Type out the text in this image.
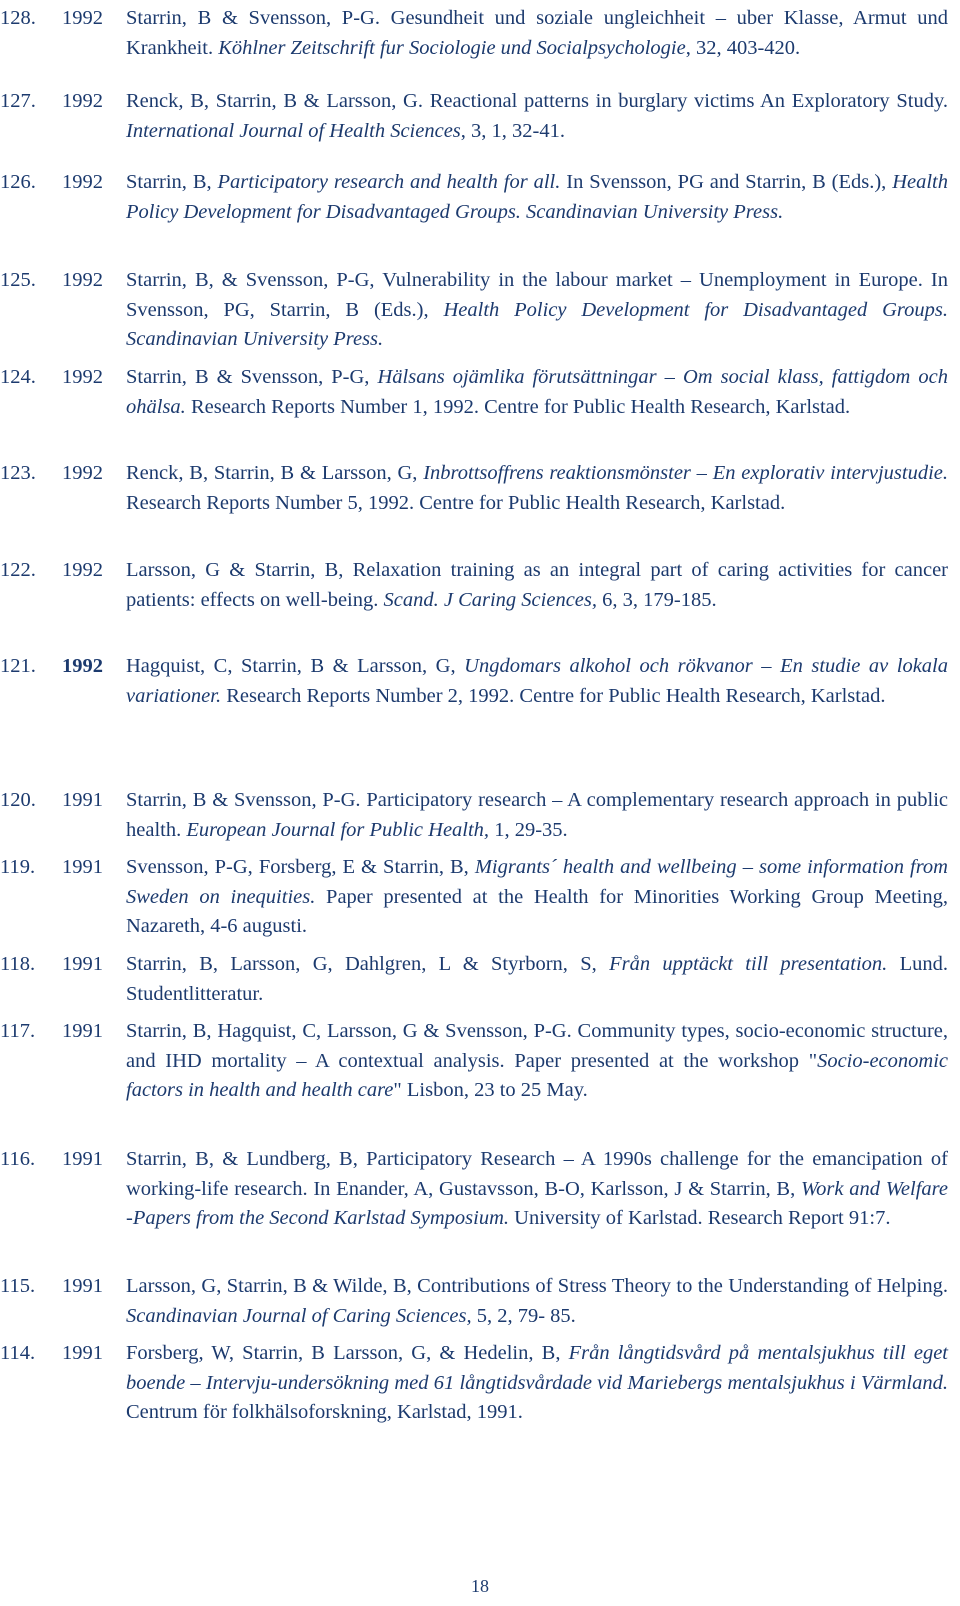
128. 1992 Starrin, B & Svensson, P-G. Gesundheit und soziale ungleichheit – uber Klasse, Armut und Krankheit. Köhlner Zeitschrift fur Sociologie und Socialpsychologie, 32, 403-420.
127. 1992 Renck, B, Starrin, B & Larsson, G. Reactional patterns in burglary victims An Exploratory Study. International Journal of Health Sciences, 3, 1, 32-41.
126. 1992 Starrin, B, Participatory research and health for all. In Svensson, PG and Starrin, B (Eds.), Health Policy Development for Disadvantaged Groups. Scandinavian University Press.
125. 1992 Starrin, B, & Svensson, P-G, Vulnerability in the labour market – Unemployment in Europe. In Svensson, PG, Starrin, B (Eds.), Health Policy Development for Disadvantaged Groups. Scandinavian University Press.
124. 1992 Starrin, B & Svensson, P-G, Hälsans ojämlika förutsättningar – Om social klass, fattigdom och ohälsa. Research Reports Number 1, 1992. Centre for Public Health Research, Karlstad.
123. 1992 Renck, B, Starrin, B & Larsson, G, Inbrottsoffrens reaktionsmönster – En explorativ intervjustudie. Research Reports Number 5, 1992. Centre for Public Health Research, Karlstad.
122. 1992 Larsson, G & Starrin, B, Relaxation training as an integral part of caring activities for cancer patients: effects on well-being. Scand. J Caring Sciences, 6, 3, 179-185.
121. 1992 Hagquist, C, Starrin, B & Larsson, G, Ungdomars alkohol och rökvanor – En studie av lokala variationer. Research Reports Number 2, 1992. Centre for Public Health Research, Karlstad.
120. 1991 Starrin, B & Svensson, P-G. Participatory research – A complementary research approach in public health. European Journal for Public Health, 1, 29-35.
119. 1991 Svensson, P-G, Forsberg, E & Starrin, B, Migrants´ health and wellbeing – some information from Sweden on inequities. Paper presented at the Health for Minorities Working Group Meeting, Nazareth, 4-6 augusti.
118. 1991 Starrin, B, Larsson, G, Dahlgren, L & Styrborn, S, Från upptäckt till presentation. Lund. Studentlitteratur.
117. 1991 Starrin, B, Hagquist, C, Larsson, G & Svensson, P-G. Community types, socio-economic structure, and IHD mortality – A contextual analysis. Paper presented at the workshop "Socio-economic factors in health and health care" Lisbon, 23 to 25 May.
116. 1991 Starrin, B, & Lundberg, B, Participatory Research – A 1990s challenge for the emancipation of working-life research. In Enander, A, Gustavsson, B-O, Karlsson, J & Starrin, B, Work and Welfare -Papers from the Second Karlstad Symposium. University of Karlstad. Research Report 91:7.
115. 1991 Larsson, G, Starrin, B & Wilde, B, Contributions of Stress Theory to the Understanding of Helping. Scandinavian Journal of Caring Sciences, 5, 2, 79- 85.
114. 1991 Forsberg, W, Starrin, B Larsson, G, & Hedelin, B, Från långtidsvård på mentalsjukhus till eget boende – Intervju-undersökning med 61 långtidsvårdade vid Mariebergs mentalsjukhus i Värmland. Centrum för folkhälsoforskning, Karlstad, 1991.
18
